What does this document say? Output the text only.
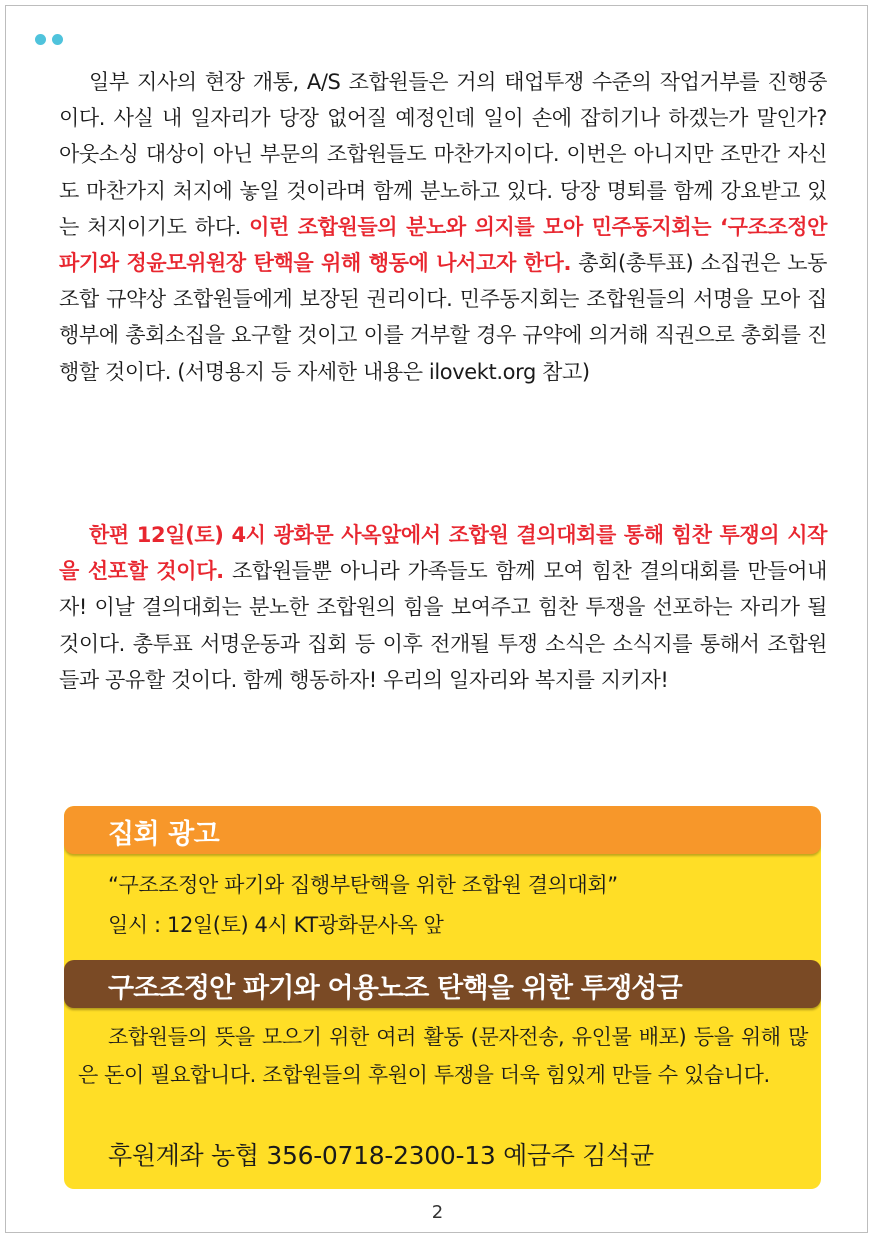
일부 지사의 현장 개통, A/S 조합원들은 거의 태업투쟁 수준의 작업거부를 진행중이다. 사실 내 일자리가 당장 없어질 예정인데 일이 손에 잡히기나 하겠는가 말인가? 아웃소싱 대상이 아닌 부문의 조합원들도 마찬가지이다. 이번은 아니지만 조만간 자신도 마찬가지 처지에 놓일 것이라며 함께 분노하고 있다. 당장 명퇴를 함께 강요받고 있는 처지이기도 하다. 이런 조합원들의 분노와 의지를 모아 민주동지회는 ‘구조조정안 파기와 정윤모위원장 탄핵을 위해 행동에 나서고자 한다. 총회(총투표) 소집권은 노동조합 규약상 조합원들에게 보장된 권리이다. 민주동지회는 조합원들의 서명을 모아 집행부에 총회소집을 요구할 것이고 이를 거부할 경우 규약에 의거해 직권으로 총회를 진행할 것이다. (서명용지 등 자세한 내용은 ilovekt.org 참고)

한편 12일(토) 4시 광화문 사옥앞에서 조합원 결의대회를 통해 힘찬 투쟁의 시작을 선포할 것이다. 조합원들뿐 아니라 가족들도 함께 모여 힘찬 결의대회를 만들어내자! 이날 결의대회는 분노한 조합원의 힘을 보여주고 힘찬 투쟁을 선포하는 자리가 될 것이다. 총투표 서명운동과 집회 등 이후 전개될 투쟁 소식은 소식지를 통해서 조합원들과 공유할 것이다. 함께 행동하자! 우리의 일자리와 복지를 지키자!

집회 광고
“구조조정안 파기와 집행부탄핵을 위한 조합원 결의대회”
일시 : 12일(토) 4시 KT광화문사옥 앞
구조조정안 파기와 어용노조 탄핵을 위한 투쟁성금

조합원들의 뜻을 모으기 위한 여러 활동 (문자전송, 유인물 배포) 등을 위해 많은 돈이 필요합니다. 조합원들의 후원이 투쟁을 더욱 힘있게 만들 수 있습니다.

후원계좌 농협 356-0718-2300-13 예금주 김석균
2
